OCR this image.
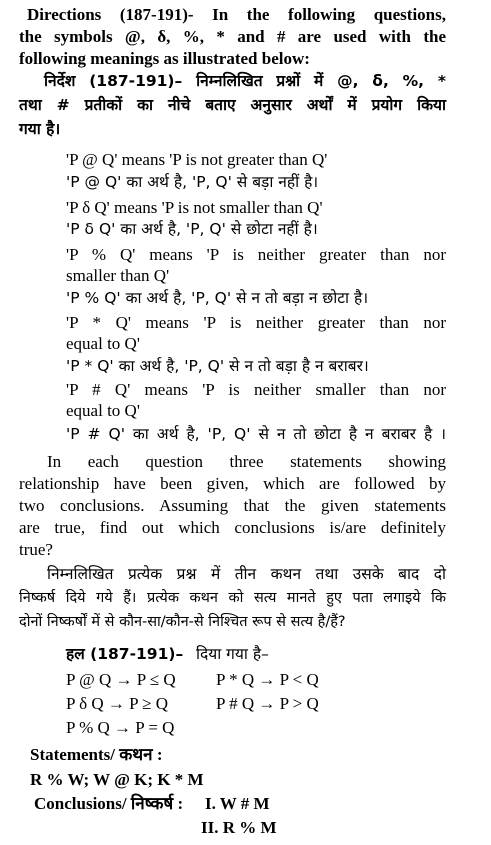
Directions (187-191)- In the following questions,
the symbols @, δ, %, * and # are used with the
following meanings as illustrated below:
निर्देश (187-191)– निम्नलिखित प्रश्नों में @, δ, %, *
तथा # प्रतीकों का नीचे बताए अनुसार अर्थों में प्रयोग किया
गया है।
'P @ Q' means 'P is not greater than Q'
'P @ Q' का अर्थ है, 'P, Q' से बड़ा नहीं है।
'P δ Q' means 'P is not smaller than Q'
'P δ Q' का अर्थ है, 'P, Q' से छोटा नहीं है।
'P % Q' means 'P is neither greater than nor
smaller than Q'
'P % Q' का अर्थ है, 'P, Q' से न तो बड़ा न छोटा है।
'P * Q' means 'P is neither greater than nor
equal to Q'
'P * Q' का अर्थ है, 'P, Q' से न तो बड़ा है न बराबर।
'P # Q' means 'P is neither smaller than nor
equal to Q'
'P # Q' का अर्थ है, 'P, Q' से न तो छोटा है न बराबर है ।
In each question three statements showing
relationship have been given, which are followed by
two conclusions. Assuming that the given statements
are true, find out which conclusions is/are definitely
true?
निम्नलिखित प्रत्येक प्रश्न में तीन कथन तथा उसके बाद दो
निष्कर्ष दिये गये हैं। प्रत्येक कथन को सत्य मानते हुए पता लगाइये कि
दोनों निष्कर्षों में से कौन-सा/कौन-से निश्चित रूप से सत्य है/हैं?
हल (187-191)– दिया गया है–
P @ Q → P ≤ Q P * Q → P < Q
P δ Q → P ≥ Q	P # Q → P > Q
P % Q → P = Q
Statements/ कथन :
R % W; W @ K; K * M
Conclusions/ निष्कर्ष : I. W # M
II. R % M
